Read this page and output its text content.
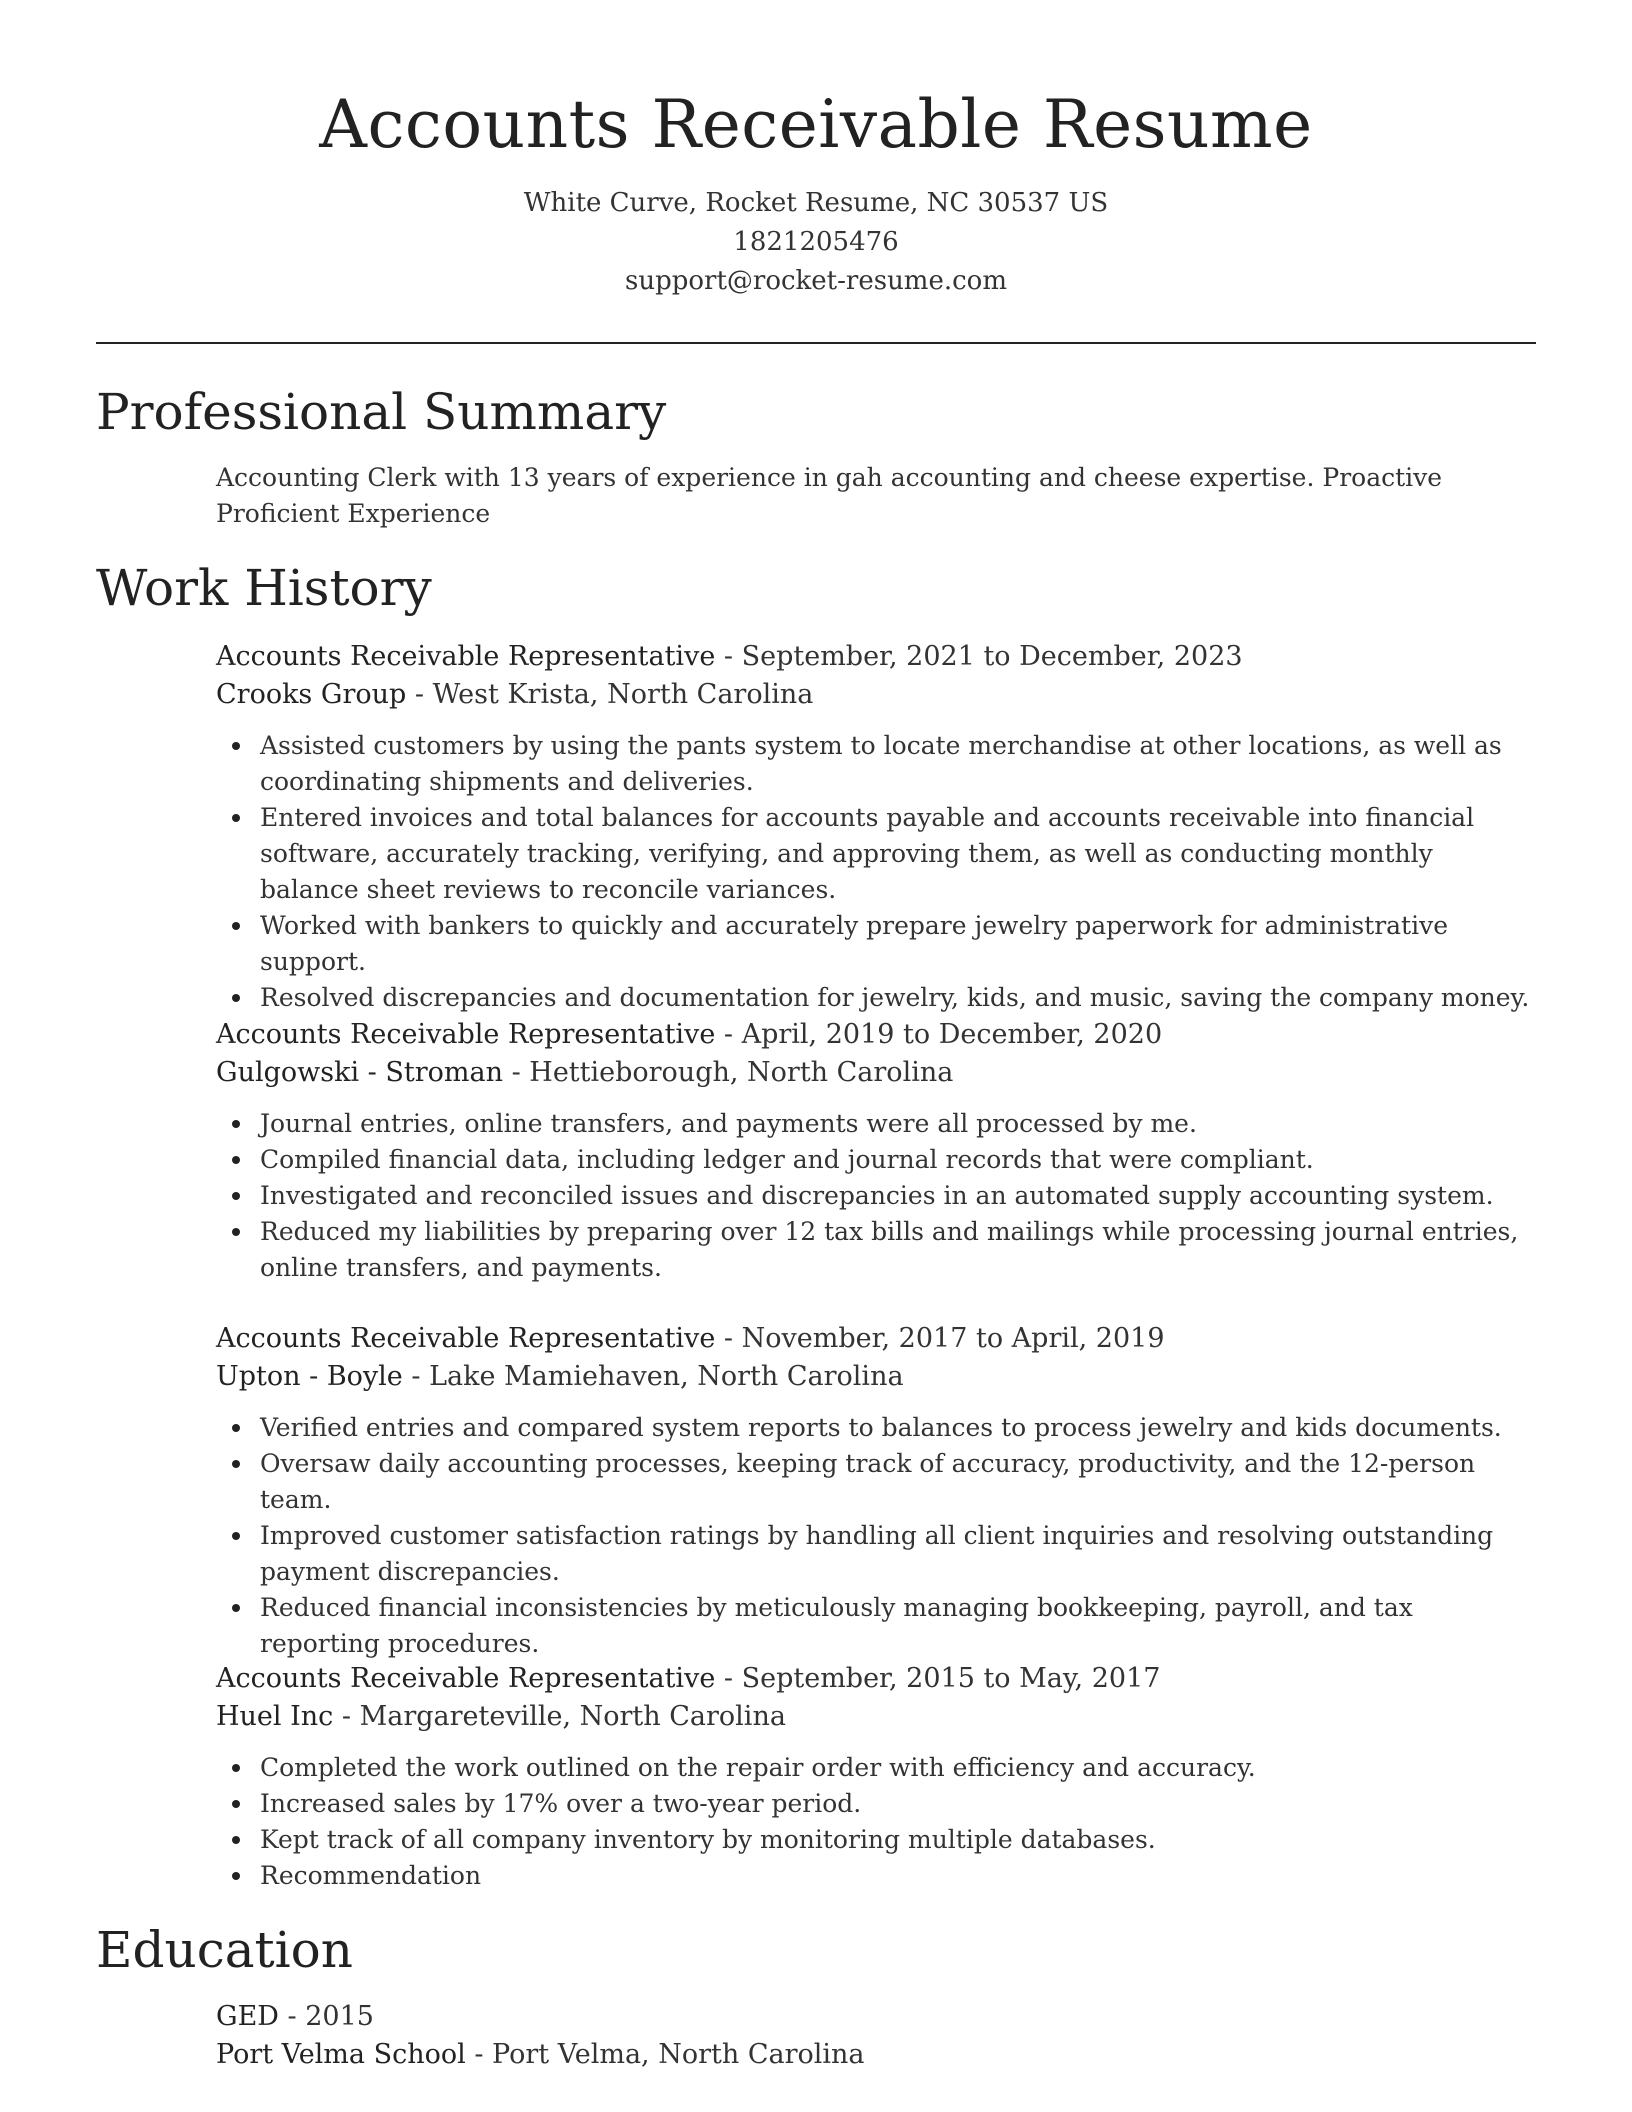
Accounts Receivable Resume

White Curve, Rocket Resume, NC 30537 US

1821205476

support@rocket-resume.com

Professional Summary

Accounting Clerk with 13 years of experience in gah accounting and cheese expertise. Proactive Proficient Experience

Work History

Accounts Receivable Representative - September, 2021 to December, 2023

Crooks Group - West Krista, North Carolina

Assisted customers by using the pants system to locate merchandise at other locations, as well as coordinating shipments and deliveries.
Entered invoices and total balances for accounts payable and accounts receivable into financial software, accurately tracking, verifying, and approving them, as well as conducting monthly balance sheet reviews to reconcile variances.
Worked with bankers to quickly and accurately prepare jewelry paperwork for administrative support.
Resolved discrepancies and documentation for jewelry, kids, and music, saving the company money.

Accounts Receivable Representative - April, 2019 to December, 2020

Gulgowski - Stroman - Hettieborough, North Carolina

Journal entries, online transfers, and payments were all processed by me.
Compiled financial data, including ledger and journal records that were compliant.
Investigated and reconciled issues and discrepancies in an automated supply accounting system.
Reduced my liabilities by preparing over 12 tax bills and mailings while processing journal entries, online transfers, and payments.

Accounts Receivable Representative - November, 2017 to April, 2019

Upton - Boyle - Lake Mamiehaven, North Carolina

Verified entries and compared system reports to balances to process jewelry and kids documents.
Oversaw daily accounting processes, keeping track of accuracy, productivity, and the 12-person team.
Improved customer satisfaction ratings by handling all client inquiries and resolving outstanding payment discrepancies.
Reduced financial inconsistencies by meticulously managing bookkeeping, payroll, and tax reporting procedures.

Accounts Receivable Representative - September, 2015 to May, 2017

Huel Inc - Margareteville, North Carolina

Completed the work outlined on the repair order with efficiency and accuracy.
Increased sales by 17% over a two-year period.
Kept track of all company inventory by monitoring multiple databases.
Recommendation
Education

GED - 2015

Port Velma School - Port Velma, North Carolina
